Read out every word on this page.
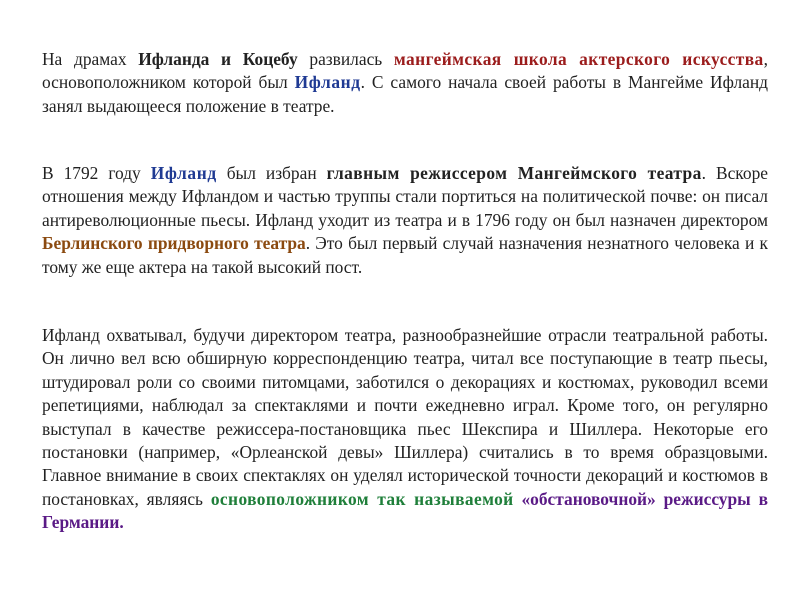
На драмах Ифланда и Коцебу развилась мангеймская школа актерского искусства, основоположником которой был Ифланд. С самого начала своей работы в Мангейме Ифланд занял выдающееся положение в театре.

В 1792 году Ифланд был избран главным режиссером Мангеймского театра. Вскоре отношения между Ифландом и частью труппы стали портиться на политической почве: он писал антиреволюционные пьесы. Ифланд уходит из театра и в 1796 году он был назначен директором Берлинского придворного театра. Это был первый случай назначения незнатного человека и к тому же еще актера на такой высокий пост.

Ифланд охватывал, будучи директором театра, разнообразнейшие отрасли театральной работы. Он лично вел всю обширную корреспонденцию театра, читал все поступающие в театр пьесы, штудировал роли со своими питомцами, заботился о декорациях и костюмах, руководил всеми репетициями, наблюдал за спектаклями и почти ежедневно играл. Кроме того, он регулярно выступал в качестве режиссера-постановщика пьес Шекспира и Шиллера. Некоторые его постановки (например, «Орлеанской девы» Шиллера) считались в то время образцовыми. Главное внимание в своих спектаклях он уделял исторической точности декораций и костюмов в постановках, являясь основоположником так называемой «обстановочной» режиссуры в Германии.
